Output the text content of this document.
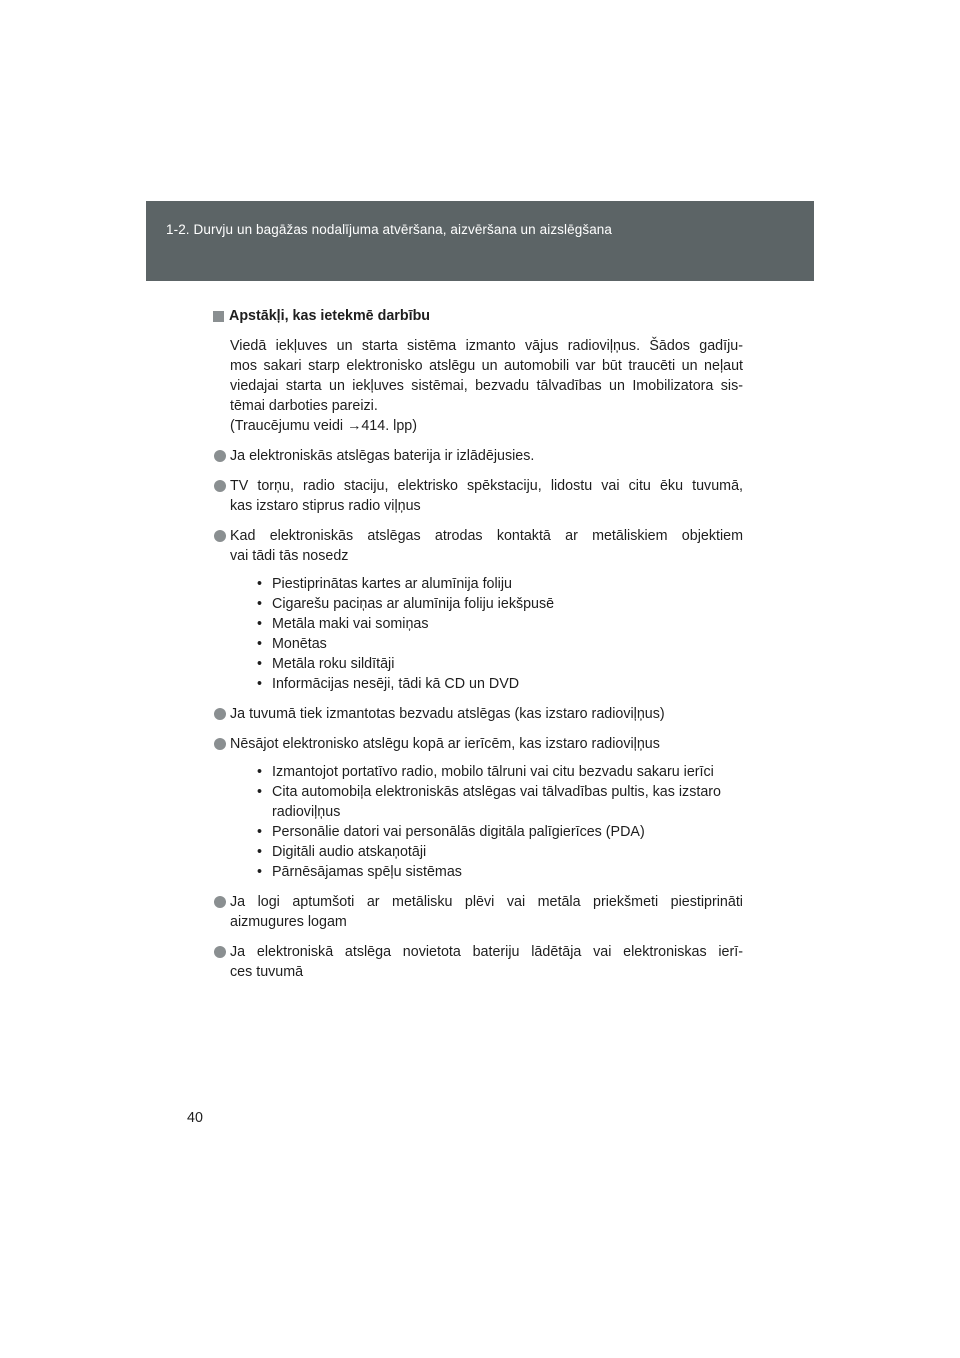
1-2. Durvju un bagāžas nodalījuma atvēršana, aizvēršana un aizslēgšana
Apstākļi, kas ietekmē darbību
Viedā iekļuves un starta sistēma izmanto vājus radioviļņus. Šādos gadīju-
mos sakari starp elektronisko atslēgu un automobili var būt traucēti un neļaut
viedajai starta un iekļuves sistēmai, bezvadu tālvadības un Imobilizatora sis-
tēmai darboties pareizi.
(Traucējumu veidi →414. lpp)
Ja elektroniskās atslēgas baterija ir izlādējusies.
TV torņu, radio staciju, elektrisko spēkstaciju, lidostu vai citu ēku tuvumā,
kas izstaro stiprus radio viļņus
Kad elektroniskās atslēgas atrodas kontaktā ar metāliskiem objektiem
vai tādi tās nosedz
• Piestiprinātas kartes ar alumīnija foliju
• Cigarešu paciņas ar alumīnija foliju iekšpusē
• Metāla maki vai somiņas
• Monētas
• Metāla roku sildītāji
• Informācijas nesēji, tādi kā CD un DVD
Ja tuvumā tiek izmantotas bezvadu atslēgas (kas izstaro radioviļņus)
Nēsājot elektronisko atslēgu kopā ar ierīcēm, kas izstaro radioviļņus
• Izmantojot portatīvo radio, mobilo tālruni vai citu bezvadu sakaru ierīci
• Cita automobiļa elektroniskās atslēgas vai tālvadības pultis, kas izstaro
radioviļņus
• Personālie datori vai personālās digitāla palīgierīces (PDA)
• Digitāli audio atskaņotāji
• Pārnēsājamas spēļu sistēmas
Ja logi aptumšoti ar metālisku plēvi vai metāla priekšmeti piestiprināti
aizmugures logam
Ja elektroniskā atslēga novietota bateriju lādētāja vai elektroniskas ierī-
ces tuvumā
40
